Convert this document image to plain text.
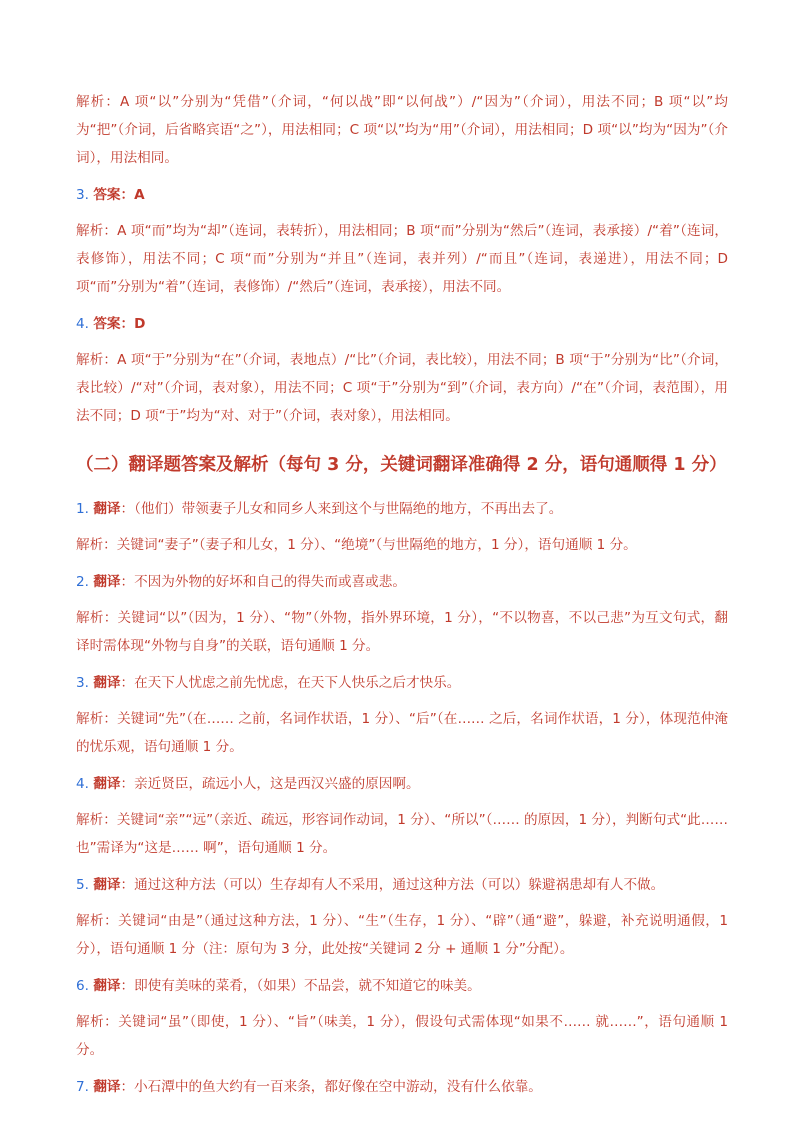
解析：A 项“以”分别为“凭借”（介词，“何以战”即“以何战”）/“因为”（介词），用法不同；B 项“以”均为“把”（介词，后省略宾语“之”），用法相同；C 项“以”均为“用”（介词），用法相同；D 项“以”均为“因为”（介词），用法相同。

3. 答案：A

解析：A 项“而”均为“却”（连词，表转折），用法相同；B 项“而”分别为“然后”（连词，表承接）/“着”（连词，表修饰），用法不同；C 项“而”分别为“并且”（连词，表并列）/“而且”（连词，表递进），用法不同；D 项“而”分别为“着”（连词，表修饰）/“然后”（连词，表承接），用法不同。

4. 答案：D

解析：A 项“于”分别为“在”（介词，表地点）/“比”（介词，表比较），用法不同；B 项“于”分别为“比”（介词，表比较）/“对”（介词，表对象），用法不同；C 项“于”分别为“到”（介词，表方向）/“在”（介词，表范围），用法不同；D 项“于”均为“对、对于”（介词，表对象），用法相同。

（二）翻译题答案及解析（每句 3 分，关键词翻译准确得 2 分，语句通顺得 1 分）

1. 翻译：（他们）带领妻子儿女和同乡人来到这个与世隔绝的地方，不再出去了。

解析：关键词“妻子”（妻子和儿女，1 分）、“绝境”（与世隔绝的地方，1 分），语句通顺 1 分。

2. 翻译：不因为外物的好坏和自己的得失而或喜或悲。

解析：关键词“以”（因为，1 分）、“物”（外物，指外界环境，1 分），“不以物喜，不以己悲”为互文句式，翻译时需体现“外物与自身”的关联，语句通顺 1 分。

3. 翻译：在天下人忧虑之前先忧虑，在天下人快乐之后才快乐。

解析：关键词“先”（在…… 之前，名词作状语，1 分）、“后”（在…… 之后，名词作状语，1 分），体现范仲淹的忧乐观，语句通顺 1 分。

4. 翻译：亲近贤臣，疏远小人，这是西汉兴盛的原因啊。

解析：关键词“亲”“远”（亲近、疏远，形容词作动词，1 分）、“所以”（…… 的原因，1 分），判断句式“此…… 也”需译为“这是…… 啊”，语句通顺 1 分。

5. 翻译：通过这种方法（可以）生存却有人不采用，通过这种方法（可以）躲避祸患却有人不做。

解析：关键词“由是”（通过这种方法，1 分）、“生”（生存，1 分）、“辟”（通“避”，躲避，补充说明通假，1 分），语句通顺 1 分（注：原句为 3 分，此处按“关键词 2 分 + 通顺 1 分”分配）。

6. 翻译：即使有美味的菜肴，（如果）不品尝，就不知道它的味美。

解析：关键词“虽”（即使，1 分）、“旨”（味美，1 分），假设句式需体现“如果不…… 就……”，语句通顺 1 分。

7. 翻译：小石潭中的鱼大约有一百来条，都好像在空中游动，没有什么依靠。
